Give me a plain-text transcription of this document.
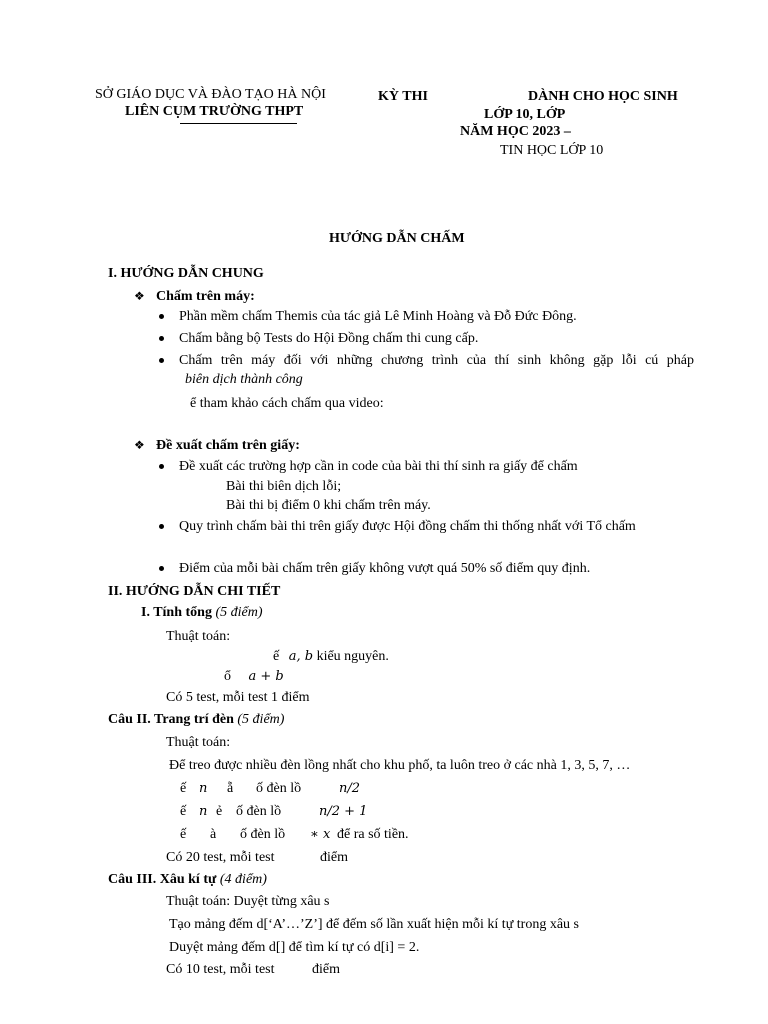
SỞ GIÁO DỤC VÀ ĐÀO TẠO HÀ NỘI
LIÊN CỤM TRƯỜNG THPT
KỲ THI	DÀNH CHO HỌC SINH
LỚP 10, LỚP
NĂM HỌC 2023 –
TIN HỌC LỚP 10
HƯỚNG DẪN CHẤM
I. HƯỚNG DẪN CHUNG
❖ Chấm trên máy:
Phần mềm chấm Themis của tác giả Lê Minh Hoàng và Đỗ Đức Đông.
Chấm bằng bộ Tests do Hội Đồng chấm thi cung cấp.
Chấm trên máy đối với những chương trình của thí sinh không gặp lỗi cú pháp
biên dịch thành công
ể tham khảo cách chấm qua video:
❖ Đề xuất chấm trên giấy:
Đề xuất các trường hợp cần in code của bài thi thí sinh ra giấy để chấm
Bài thi biên dịch lỗi;
Bài thi bị điểm 0 khi chấm trên máy.
Quy trình chấm bài thi trên giấy được Hội đồng chấm thi thống nhất với Tổ chấm
Điểm của mỗi bài chấm trên giấy không vượt quá 50% số điểm quy định.
II. HƯỚNG DẪN CHI TIẾT
I. Tính tổng (5 điểm)
Thuật toán:
ế a, b kiểu nguyên.
ổ a + b
Có 5 test, mỗi test 1 điểm
Câu II. Trang trí đèn (5 điểm)
Thuật toán:
Để treo được nhiều đèn lồng nhất cho khu phố, ta luôn treo ở các nhà 1, 3, 5, 7, …
ế n ẵ ố đèn lồ	n/2
ế n ẻ ố đèn lồ	n/2 + 1
ế à ố đèn lồ ∗ x để ra số tiền.
Có 20 test, mỗi test	điểm
Câu III. Xâu kí tự (4 điểm)
Thuật toán: Duyệt từng xâu s
Tạo mảng đếm d[‘A’…’Z’] để đếm số lần xuất hiện mỗi kí tự trong xâu s
Duyệt mảng đếm d[] để tìm kí tự có d[i] = 2.
Có 10 test, mỗi test	điểm
